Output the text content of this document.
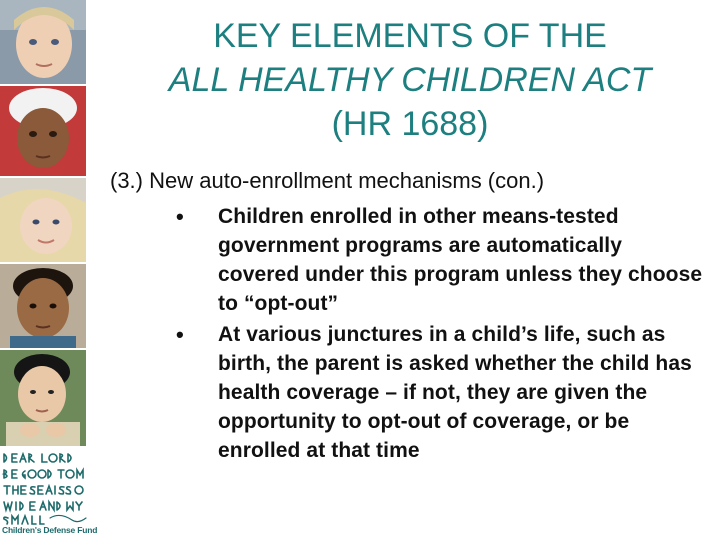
Children's Defense Fund
KEY ELEMENTS OF THE
ALL HEALTHY CHILDREN ACT
(HR 1688)
(3.) New auto-enrollment mechanisms (con.)
•	Children enrolled in other means-tested government programs are automatically covered under this program unless they choose to “opt-out”
•	At various junctures in a child’s life, such as birth, the parent is asked whether the child has health coverage – if not, they are given the opportunity to opt-out of coverage, or be enrolled at that time
